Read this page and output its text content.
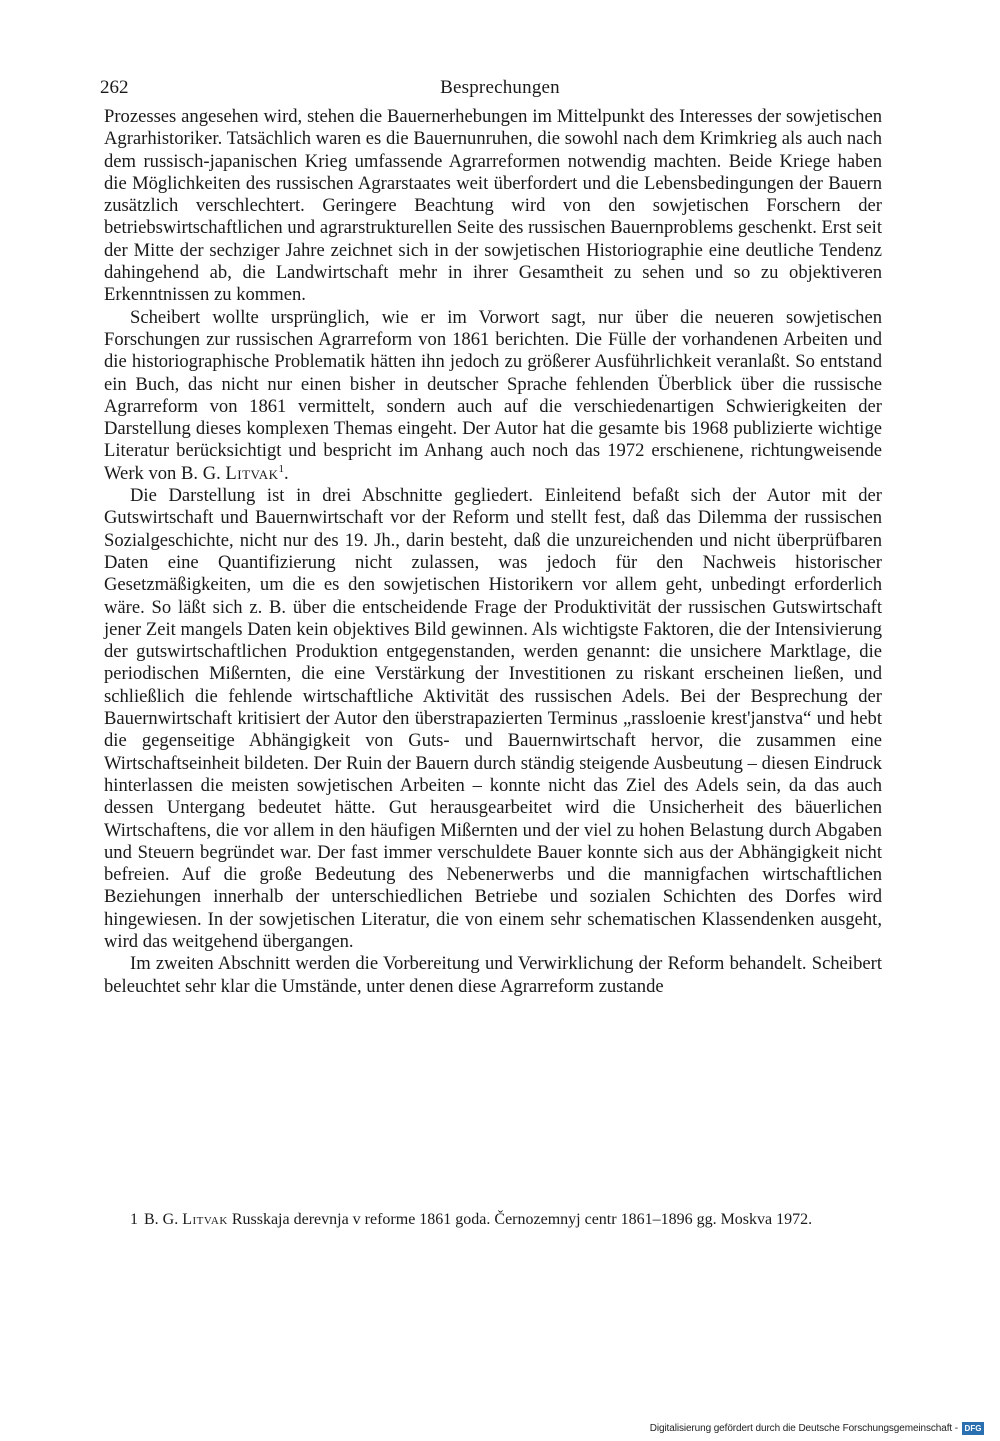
262	Besprechungen

Prozesses angesehen wird, stehen die Bauernerhebungen im Mittelpunkt des Interesses der sowjetischen Agrarhistoriker. Tatsächlich waren es die Bauernunruhen, die sowohl nach dem Krimkrieg als auch nach dem russisch-japanischen Krieg umfassende Agrarreformen notwendig machten. Beide Kriege haben die Möglichkeiten des russischen Agrarstaates weit überfordert und die Lebensbedingungen der Bauern zusätzlich verschlechtert. Geringere Beachtung wird von den sowjetischen Forschern der betriebswirtschaftlichen und agrarstrukturellen Seite des russischen Bauernproblems geschenkt. Erst seit der Mitte der sechziger Jahre zeichnet sich in der sowjetischen Historiographie eine deutliche Tendenz dahingehend ab, die Landwirtschaft mehr in ihrer Gesamtheit zu sehen und so zu objektiveren Erkenntnissen zu kommen.

Scheibert wollte ursprünglich, wie er im Vorwort sagt, nur über die neueren sowjetischen Forschungen zur russischen Agrarreform von 1861 berichten. Die Fülle der vorhandenen Arbeiten und die historiographische Problematik hätten ihn jedoch zu größerer Ausführlichkeit veranlaßt. So entstand ein Buch, das nicht nur einen bisher in deutscher Sprache fehlenden Überblick über die russische Agrarreform von 1861 vermittelt, sondern auch auf die verschiedenartigen Schwierigkeiten der Darstellung dieses komplexen Themas eingeht. Der Autor hat die gesamte bis 1968 publizierte wichtige Literatur berücksichtigt und bespricht im Anhang auch noch das 1972 erschienene, richtungweisende Werk von B. G. Litvak$^1$.

Die Darstellung ist in drei Abschnitte gegliedert. Einleitend befaßt sich der Autor mit der Gutswirtschaft und Bauernwirtschaft vor der Reform und stellt fest, daß das Dilemma der russischen Sozialgeschichte, nicht nur des 19. Jh., darin besteht, daß die unzureichenden und nicht überprüfbaren Daten eine Quantifizierung nicht zulassen, was jedoch für den Nachweis historischer Gesetzmäßigkeiten, um die es den sowjetischen Historikern vor allem geht, unbedingt erforderlich wäre. So läßt sich z. B. über die entscheidende Frage der Produktivität der russischen Gutswirtschaft jener Zeit mangels Daten kein objektives Bild gewinnen. Als wichtigste Faktoren, die der Intensivierung der gutswirtschaftlichen Produktion entgegenstanden, werden genannt: die unsichere Marktlage, die periodischen Mißernten, die eine Verstärkung der Investitionen zu riskant erscheinen ließen, und schließlich die fehlende wirtschaftliche Aktivität des russischen Adels. Bei der Besprechung der Bauernwirtschaft kritisiert der Autor den überstrapazierten Terminus „rassloenie krest'janstva“ und hebt die gegenseitige Abhängigkeit von Guts- und Bauernwirtschaft hervor, die zusammen eine Wirtschaftseinheit bildeten. Der Ruin der Bauern durch ständig steigende Ausbeutung – diesen Eindruck hinterlassen die meisten sowjetischen Arbeiten – konnte nicht das Ziel des Adels sein, da das auch dessen Untergang bedeutet hätte. Gut herausgearbeitet wird die Unsicherheit des bäuerlichen Wirtschaftens, die vor allem in den häufigen Mißernten und der viel zu hohen Belastung durch Abgaben und Steuern begründet war. Der fast immer verschuldete Bauer konnte sich aus der Abhängigkeit nicht befreien. Auf die große Bedeutung des Nebenerwerbs und die mannigfachen wirtschaftlichen Beziehungen innerhalb der unterschiedlichen Betriebe und sozialen Schichten des Dorfes wird hingewiesen. In der sowjetischen Literatur, die von einem sehr schematischen Klassendenken ausgeht, wird das weitgehend übergangen.

Im zweiten Abschnitt werden die Vorbereitung und Verwirklichung der Reform behandelt. Scheibert beleuchtet sehr klar die Umstände, unter denen diese Agrarreform zustande

1 B. G. Litvak Russkaja derevnja v reforme 1861 goda. Černozemnyj centr 1861–1896 gg. Moskva 1972.

Digitalisierung gefördert durch die Deutsche Forschungsgemeinschaft - DFG
